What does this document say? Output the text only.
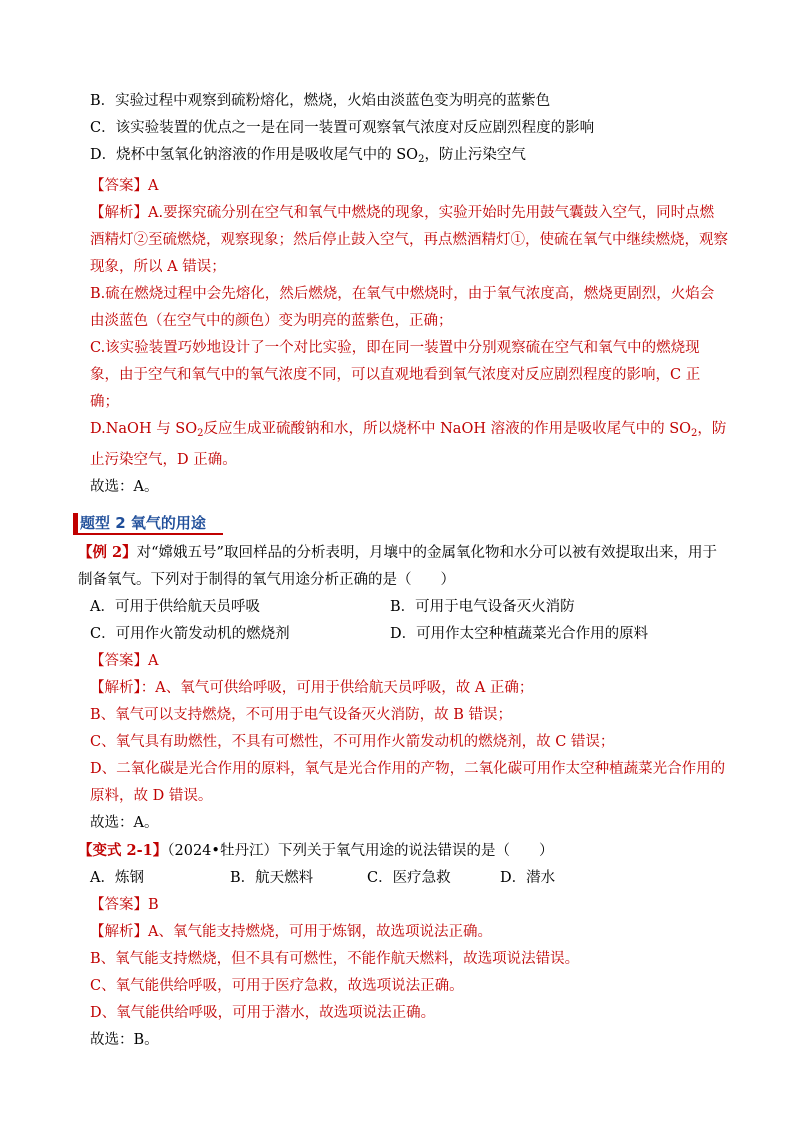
B．实验过程中观察到硫粉熔化，燃烧，火焰由淡蓝色变为明亮的蓝紫色
C．该实验装置的优点之一是在同一装置可观察氧气浓度对反应剧烈程度的影响
D．烧杯中氢氧化钠溶液的作用是吸收尾气中的 $SO_2$，防止污染空气
【答案】A
【解析】A.要探究硫分别在空气和氧气中燃烧的现象，实验开始时先用鼓气囊鼓入空气，同时点燃酒精灯②至硫燃烧，观察现象；然后停止鼓入空气，再点燃酒精灯①，使硫在氧气中继续燃烧，观察现象，所以 A 错误；
B.硫在燃烧过程中会先熔化，然后燃烧，在氧气中燃烧时，由于氧气浓度高，燃烧更剧烈，火焰会由淡蓝色（在空气中的颜色）变为明亮的蓝紫色，正确；
C.该实验装置巧妙地设计了一个对比实验，即在同一装置中分别观察硫在空气和氧气中的燃烧现象，由于空气和氧气中的氧气浓度不同，可以直观地看到氧气浓度对反应剧烈程度的影响，C 正确；
D.NaOH 与 $SO_2$反应生成亚硫酸钠和水，所以烧杯中 NaOH 溶液的作用是吸收尾气中的 $SO_2$，防止污染空气，D 正确。
故选：A。
题型 2 氧气的用途
【例 2】对“嫦娥五号”取回样品的分析表明，月壤中的金属氧化物和水分可以被有效提取出来，用于制备氧气。下列对于制得的氧气用途分析正确的是（　　）
A．可用于供给航天员呼吸	B．可用于电气设备灭火消防
C．可用作火箭发动机的燃烧剂	D．可用作太空种植蔬菜光合作用的原料
【答案】A
【解析】：A、氧气可供给呼吸，可用于供给航天员呼吸，故 A 正确；
B、氧气可以支持燃烧，不可用于电气设备灭火消防，故 B 错误；
C、氧气具有助燃性，不具有可燃性，不可用作火箭发动机的燃烧剂，故 C 错误；
D、二氧化碳是光合作用的原料，氧气是光合作用的产物，二氧化碳可用作太空种植蔬菜光合作用的原料，故 D 错误。
故选：A。
【变式 2-1】（2024•牡丹江）下列关于氧气用途的说法错误的是（　　）
A．炼钢	B．航天燃料	C．医疗急救	D．潜水
【答案】B
【解析】A、氧气能支持燃烧，可用于炼钢，故选项说法正确。
B、氧气能支持燃烧，但不具有可燃性，不能作航天燃料，故选项说法错误。
C、氧气能供给呼吸，可用于医疗急救，故选项说法正确。
D、氧气能供给呼吸，可用于潜水，故选项说法正确。
故选：B。
